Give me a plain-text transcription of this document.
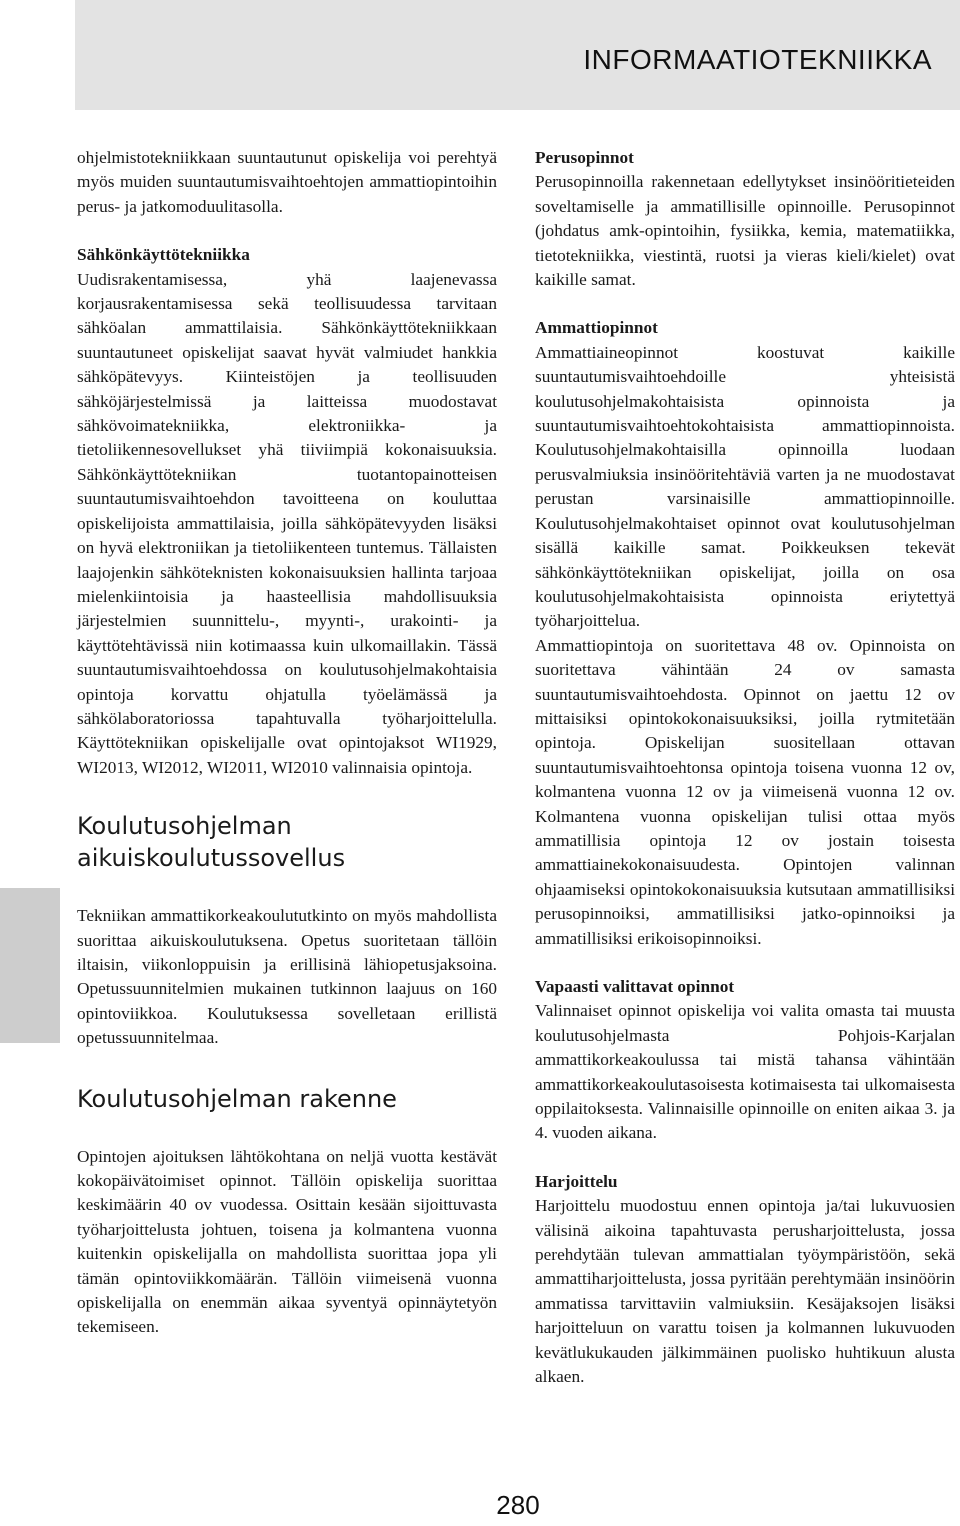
INFORMAATIOTEKNIIKKA

ohjelmistotekniikkaan suuntautunut opiskelija voi perehtyä myös muiden suuntautumisvaihtoehtojen ammattiopintoihin perus- ja jatkomoduulitasolla.

Sähkönkäyttötekniikka

Uudisrakentamisessa, yhä laajenevassa korjausrakentamisessa sekä teollisuudessa tarvitaan sähköalan ammattilaisia. Sähkönkäyttötekniikkaan suuntautuneet opiskelijat saavat hyvät valmiudet hankkia sähköpätevyys. Kiinteistöjen ja teollisuuden sähköjärjestelmissä ja laitteissa muodostavat sähkövoimatekniikka, elektroniikka- ja tietoliikennesovellukset yhä tiiviimpiä kokonaisuuksia. Sähkönkäyttötekniikan tuotantopainotteisen suuntautumisvaihtoehdon tavoitteena on kouluttaa opiskelijoista ammattilaisia, joilla sähköpätevyyden lisäksi on hyvä elektroniikan ja tietoliikenteen tuntemus. Tällaisten laajojenkin sähköteknisten kokonaisuuksien hallinta tarjoaa mielenkiintoisia ja haasteellisia mahdollisuuksia järjestelmien suunnittelu-, myynti-, urakointi- ja käyttötehtävissä niin kotimaassa kuin ulkomaillakin. Tässä suuntautumisvaihtoehdossa on koulutusohjelmakohtaisia opintoja korvattu ohjatulla työelämässä ja sähkölaboratoriossa tapahtuvalla työharjoittelulla. Käyttötekniikan opiskelijalle ovat opintojaksot WI1929, WI2013, WI2012, WI2011, WI2010 valinnaisia opintoja.

Koulutusohjelman aikuiskoulutussovellus

Tekniikan ammattikorkeakoulututkinto on myös mahdollista suorittaa aikuiskoulutuksena. Opetus suoritetaan tällöin iltaisin, viikonloppuisin ja erillisinä lähiopetusjaksoina. Opetussuunnitelmien mukainen tutkinnon laajuus on 160 opintoviikkoa. Koulutuksessa sovelletaan erillistä opetussuunnitelmaa.

Koulutusohjelman rakenne

Opintojen ajoituksen lähtökohtana on neljä vuotta kestävät kokopäivätoimiset opinnot. Tällöin opiskelija suorittaa keskimäärin 40 ov vuodessa. Osittain kesään sijoittuvasta työharjoittelusta johtuen, toisena ja kolmantena vuonna kuitenkin opiskelijalla on mahdollista suorittaa jopa yli tämän opintoviikkomäärän. Tällöin viimeisenä vuonna opiskelijalla on enemmän aikaa syventyä opinnäytetyön tekemiseen.

Perusopinnot

Perusopinnoilla rakennetaan edellytykset insinööritieteiden soveltamiselle ja ammatillisille opinnoille. Perusopinnot (johdatus amk-opintoihin, fysiikka, kemia, matematiikka, tietotekniikka, viestintä, ruotsi ja vieras kieli/kielet) ovat kaikille samat.

Ammattiopinnot

Ammattiaineopinnot koostuvat kaikille suuntautumisvaihtoehdoille yhteisistä koulutusohjelmakohtaisista opinnoista ja suuntautumisvaihtoehtokohtaisista ammattiopinnoista. Koulutusohjelmakohtaisilla opinnoilla luodaan perusvalmiuksia insinööritehtäviä varten ja ne muodostavat perustan varsinaisille ammattiopinnoille. Koulutusohjelmakohtaiset opinnot ovat koulutusohjelman sisällä kaikille samat. Poikkeuksen tekevät sähkönkäyttötekniikan opiskelijat, joilla on osa koulutusohjelmakohtaisista opinnoista eriytettyä työharjoittelua.

Ammattiopintoja on suoritettava 48 ov. Opinnoista on suoritettava vähintään 24 ov samasta suuntautumisvaihtoehdosta. Opinnot on jaettu 12 ov mittaisiksi opintokokonaisuuksiksi, joilla rytmitetään opintoja. Opiskelijan suositellaan ottavan suuntautumisvaihtoehtonsa opintoja toisena vuonna 12 ov, kolmantena vuonna 12 ov ja viimeisenä vuonna 12 ov. Kolmantena vuonna opiskelijan tulisi ottaa myös ammatillisia opintoja 12 ov jostain toisesta ammattiainekokonaisuudesta. Opintojen valinnan ohjaamiseksi opintokokonaisuuksia kutsutaan ammatillisiksi perusopinnoiksi, ammatillisiksi jatko-opinnoiksi ja ammatillisiksi erikoisopinnoiksi.

Vapaasti valittavat opinnot

Valinnaiset opinnot opiskelija voi valita omasta tai muusta koulutusohjelmasta Pohjois-Karjalan ammattikorkeakoulussa tai mistä tahansa vähintään ammattikorkeakoulutasoisesta kotimaisesta tai ulkomaisesta oppilaitoksesta. Valinnaisille opinnoille on eniten aikaa 3. ja 4. vuoden aikana.

Harjoittelu

Harjoittelu muodostuu ennen opintoja ja/tai lukuvuosien välisinä aikoina tapahtuvasta perusharjoittelusta, jossa perehdytään tulevan ammattialan työympäristöön, sekä ammattiharjoittelusta, jossa pyritään perehtymään insinöörin ammatissa tarvittaviin valmiuksiin. Kesäjaksojen lisäksi harjoitteluun on varattu toisen ja kolmannen lukuvuoden kevätlukukauden jälkimmäinen puolisko huhtikuun alusta alkaen.

280
